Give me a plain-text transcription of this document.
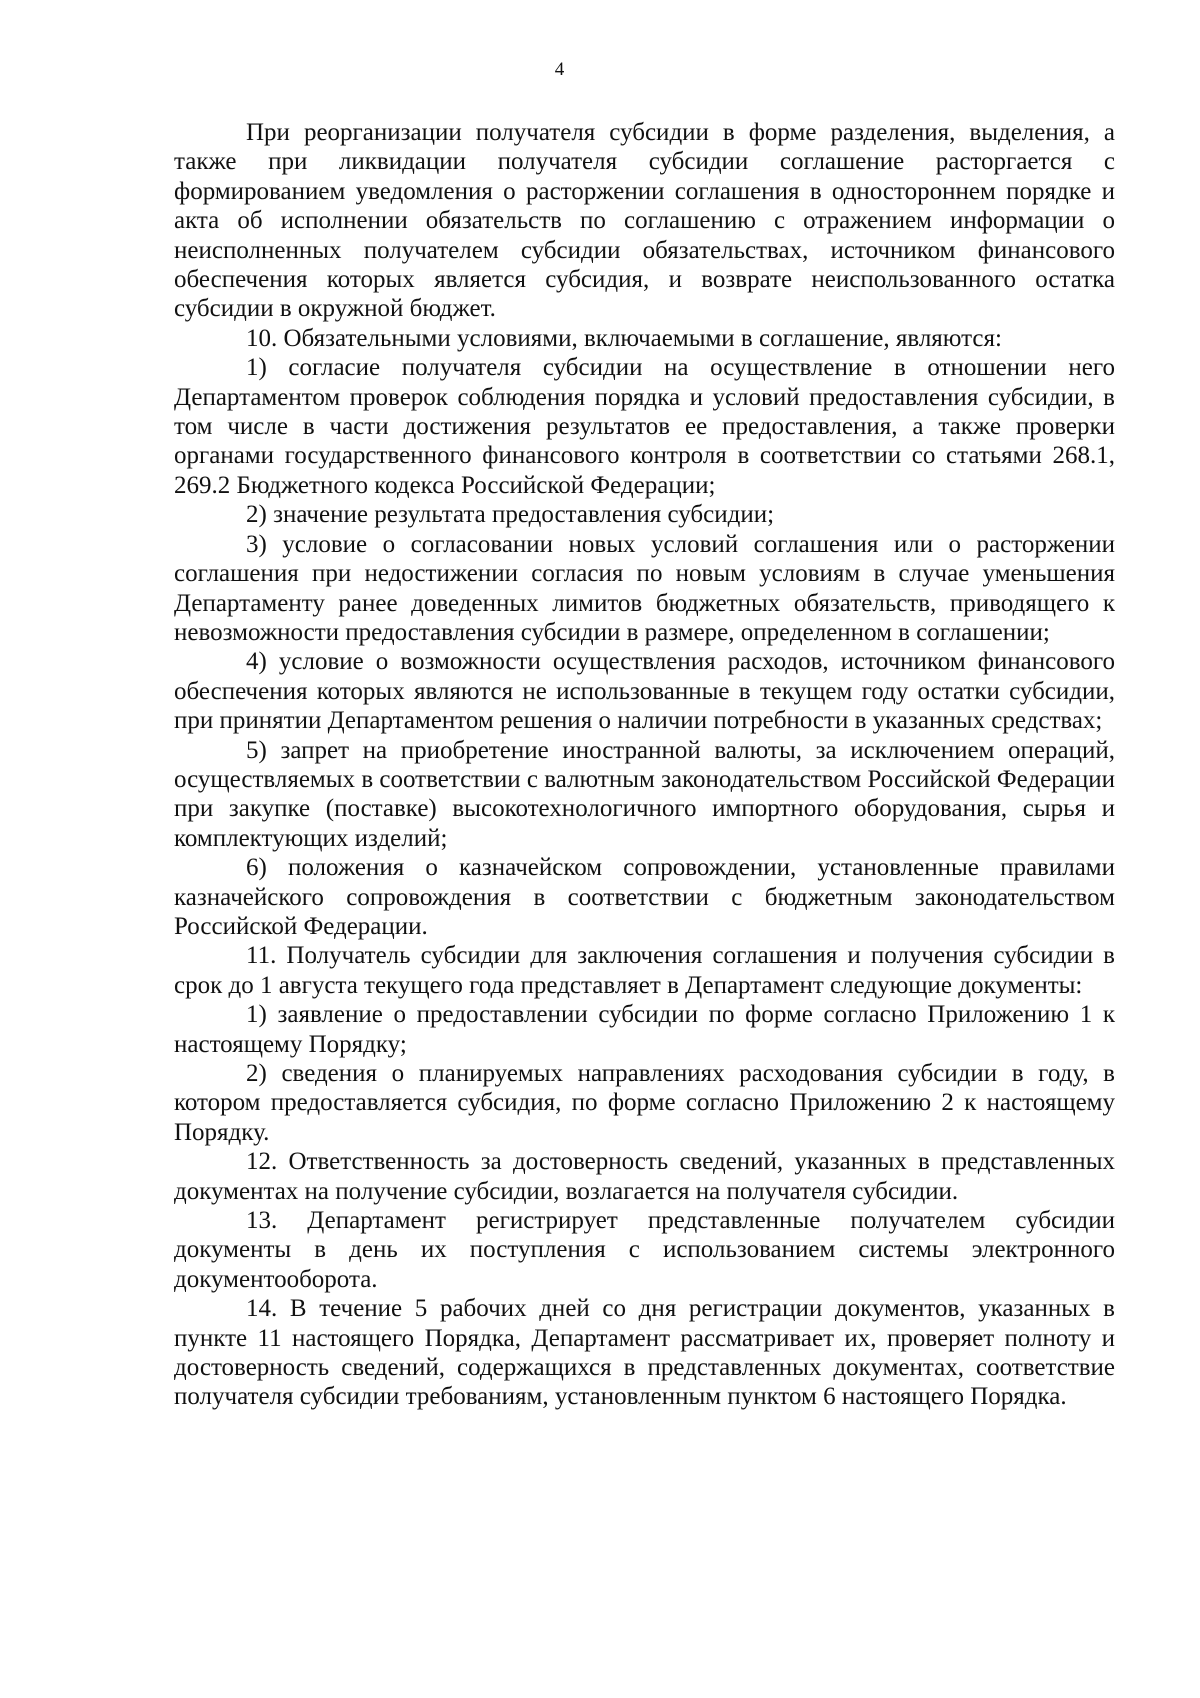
4

При реорганизации получателя субсидии в форме разделения, выделения, а также при ликвидации получателя субсидии соглашение расторгается с формированием уведомления о расторжении соглашения в одностороннем порядке и акта об исполнении обязательств по соглашению с отражением информации о неисполненных получателем субсидии обязательствах, источником финансового обеспечения которых является субсидия, и возврате неиспользованного остатка субсидии в окружной бюджет.

10. Обязательными условиями, включаемыми в соглашение, являются:

1) согласие получателя субсидии на осуществление в отношении него Департаментом проверок соблюдения порядка и условий предоставления субсидии, в том числе в части достижения результатов ее предоставления, а также проверки органами государственного финансового контроля в соответствии со статьями 268.1, 269.2 Бюджетного кодекса Российской Федерации;

2) значение результата предоставления субсидии;

3) условие о согласовании новых условий соглашения или о расторжении соглашения при недостижении согласия по новым условиям в случае уменьшения Департаменту ранее доведенных лимитов бюджетных обязательств, приводящего к невозможности предоставления субсидии в размере, определенном в соглашении;

4) условие о возможности осуществления расходов, источником финансового обеспечения которых являются не использованные в текущем году остатки субсидии, при принятии Департаментом решения о наличии потребности в указанных средствах;

5) запрет на приобретение иностранной валюты, за исключением операций, осуществляемых в соответствии с валютным законодательством Российской Федерации при закупке (поставке) высокотехнологичного импортного оборудования, сырья и комплектующих изделий;

6) положения о казначейском сопровождении, установленные правилами казначейского сопровождения в соответствии с бюджетным законодательством Российской Федерации.

11. Получатель субсидии для заключения соглашения и получения субсидии в срок до 1 августа текущего года представляет в Департамент следующие документы:

1) заявление о предоставлении субсидии по форме согласно Приложению 1 к настоящему Порядку;

2) сведения о планируемых направлениях расходования субсидии в году, в котором предоставляется субсидия, по форме согласно Приложению 2 к настоящему Порядку.

12. Ответственность за достоверность сведений, указанных в представленных документах на получение субсидии, возлагается на получателя субсидии.

13. Департамент регистрирует представленные получателем субсидии документы в день их поступления с использованием системы электронного документооборота.

14. В течение 5 рабочих дней со дня регистрации документов, указанных в пункте 11 настоящего Порядка, Департамент рассматривает их, проверяет полноту и достоверность сведений, содержащихся в представленных документах, соответствие получателя субсидии требованиям, установленным пунктом 6 настоящего Порядка.
